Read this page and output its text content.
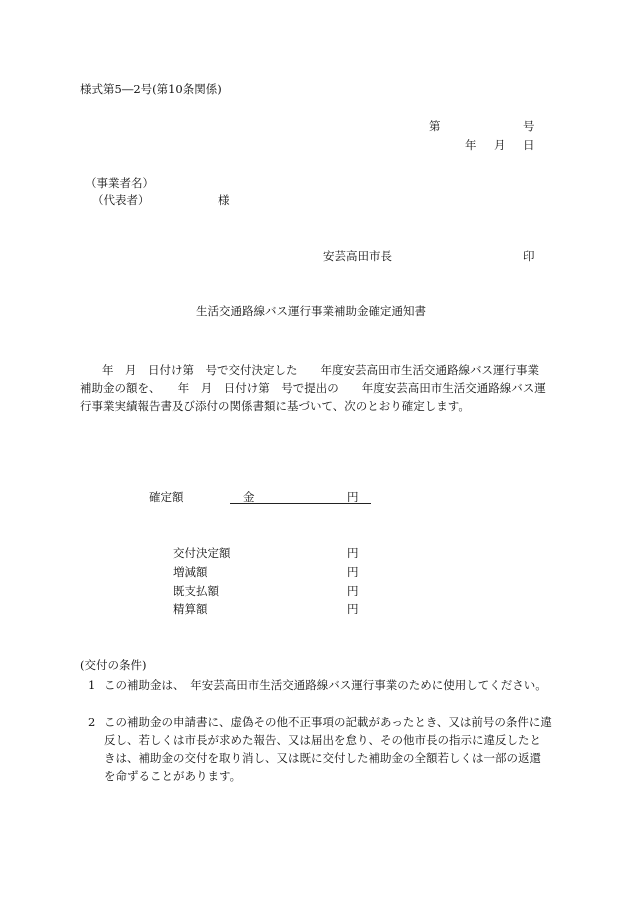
様式第5―2号(第10条関係)
第	号
年 月 日
（事業者名）
（代表者）	様
安芸高田市長	印
生活交通路線バス運行事業補助金確定通知書
年　月　日付け第　号で交付決定した　　年度安芸高田市生活交通路線バス運行事業補助金の額を、　　年　月　日付け第　号で提出の　　年度安芸高田市生活交通路線バス運行事業実績報告書及び添付の関係書類に基づいて、次のとおり確定します。
確定額	金	円
交付決定額	円
増減額	円
既支払額	円
精算額	円
(交付の条件)
1 この補助金は、　年安芸高田市生活交通路線バス運行事業のために使用してください。
2 この補助金の申請書に、虚偽その他不正事項の記載があったとき、又は前号の条件に違反し、若しくは市長が求めた報告、又は届出を怠り、その他市長の指示に違反したときは、補助金の交付を取り消し、又は既に交付した補助金の全額若しくは一部の返還を命ずることがあります。
